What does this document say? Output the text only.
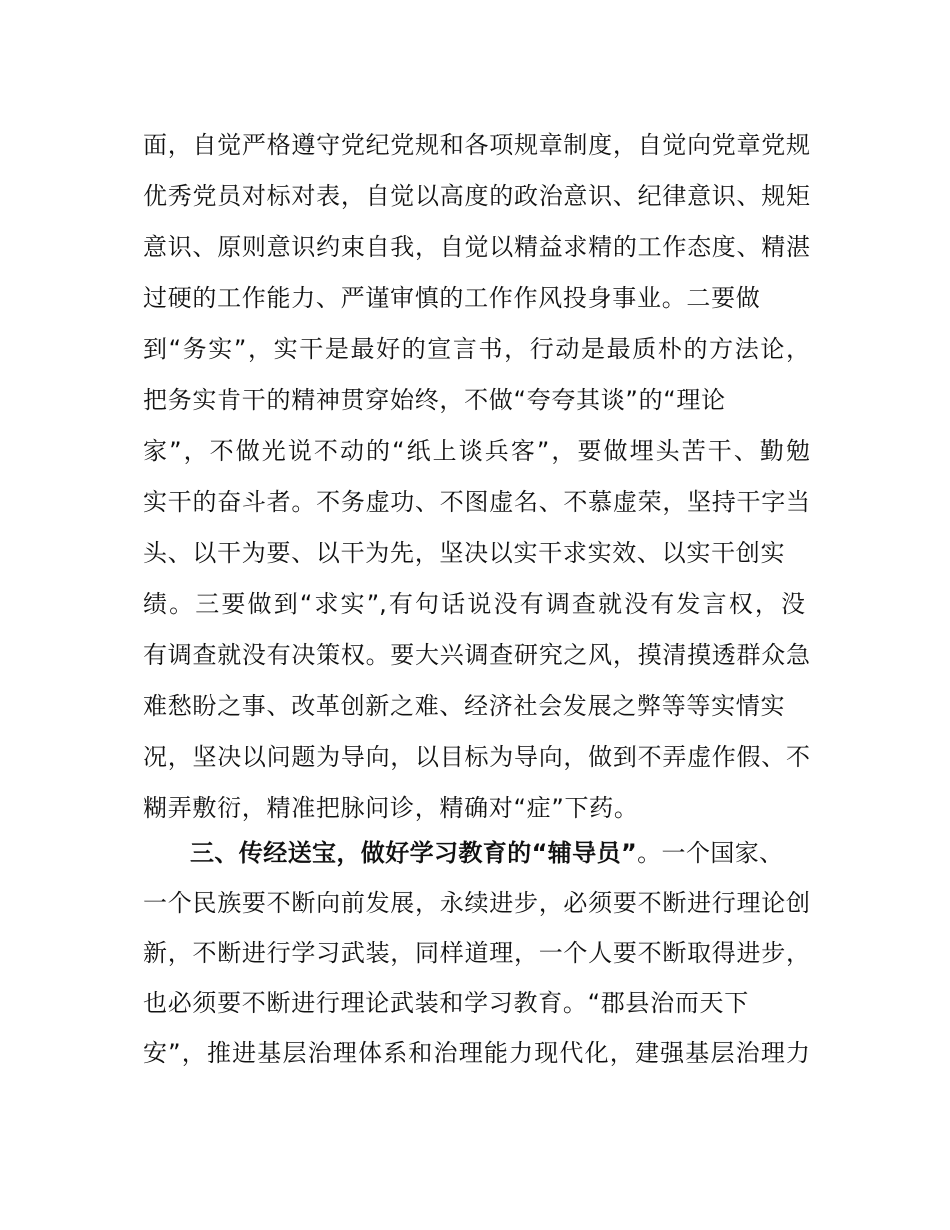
面，自觉严格遵守党纪党规和各项规章制度，自觉向党章党规
优秀党员对标对表，自觉以高度的政治意识、纪律意识、规矩
意识、原则意识约束自我，自觉以精益求精的工作态度、精湛
过硬的工作能力、严谨审慎的工作作风投身事业。二要做
到“务实”，实干是最好的宣言书，行动是最质朴的方法论，
把务实肯干的精神贯穿始终，不做“夸夸其谈”的“理论
家”，不做光说不动的“纸上谈兵客”，要做埋头苦干、勤勉
实干的奋斗者。不务虚功、不图虚名、不慕虚荣，坚持干字当
头、以干为要、以干为先，坚决以实干求实效、以实干创实
绩。三要做到“求实”,有句话说没有调查就没有发言权，没
有调查就没有决策权。要大兴调查研究之风，摸清摸透群众急
难愁盼之事、改革创新之难、经济社会发展之弊等等实情实
况，坚决以问题为导向，以目标为导向，做到不弄虚作假、不
糊弄敷衍，精准把脉问诊，精确对“症”下药。
三、传经送宝，做好学习教育的“辅导员”。一个国家、
一个民族要不断向前发展，永续进步，必须要不断进行理论创
新，不断进行学习武装，同样道理，一个人要不断取得进步，
也必须要不断进行理论武装和学习教育。“郡县治而天下
安”，推进基层治理体系和治理能力现代化，建强基层治理力
